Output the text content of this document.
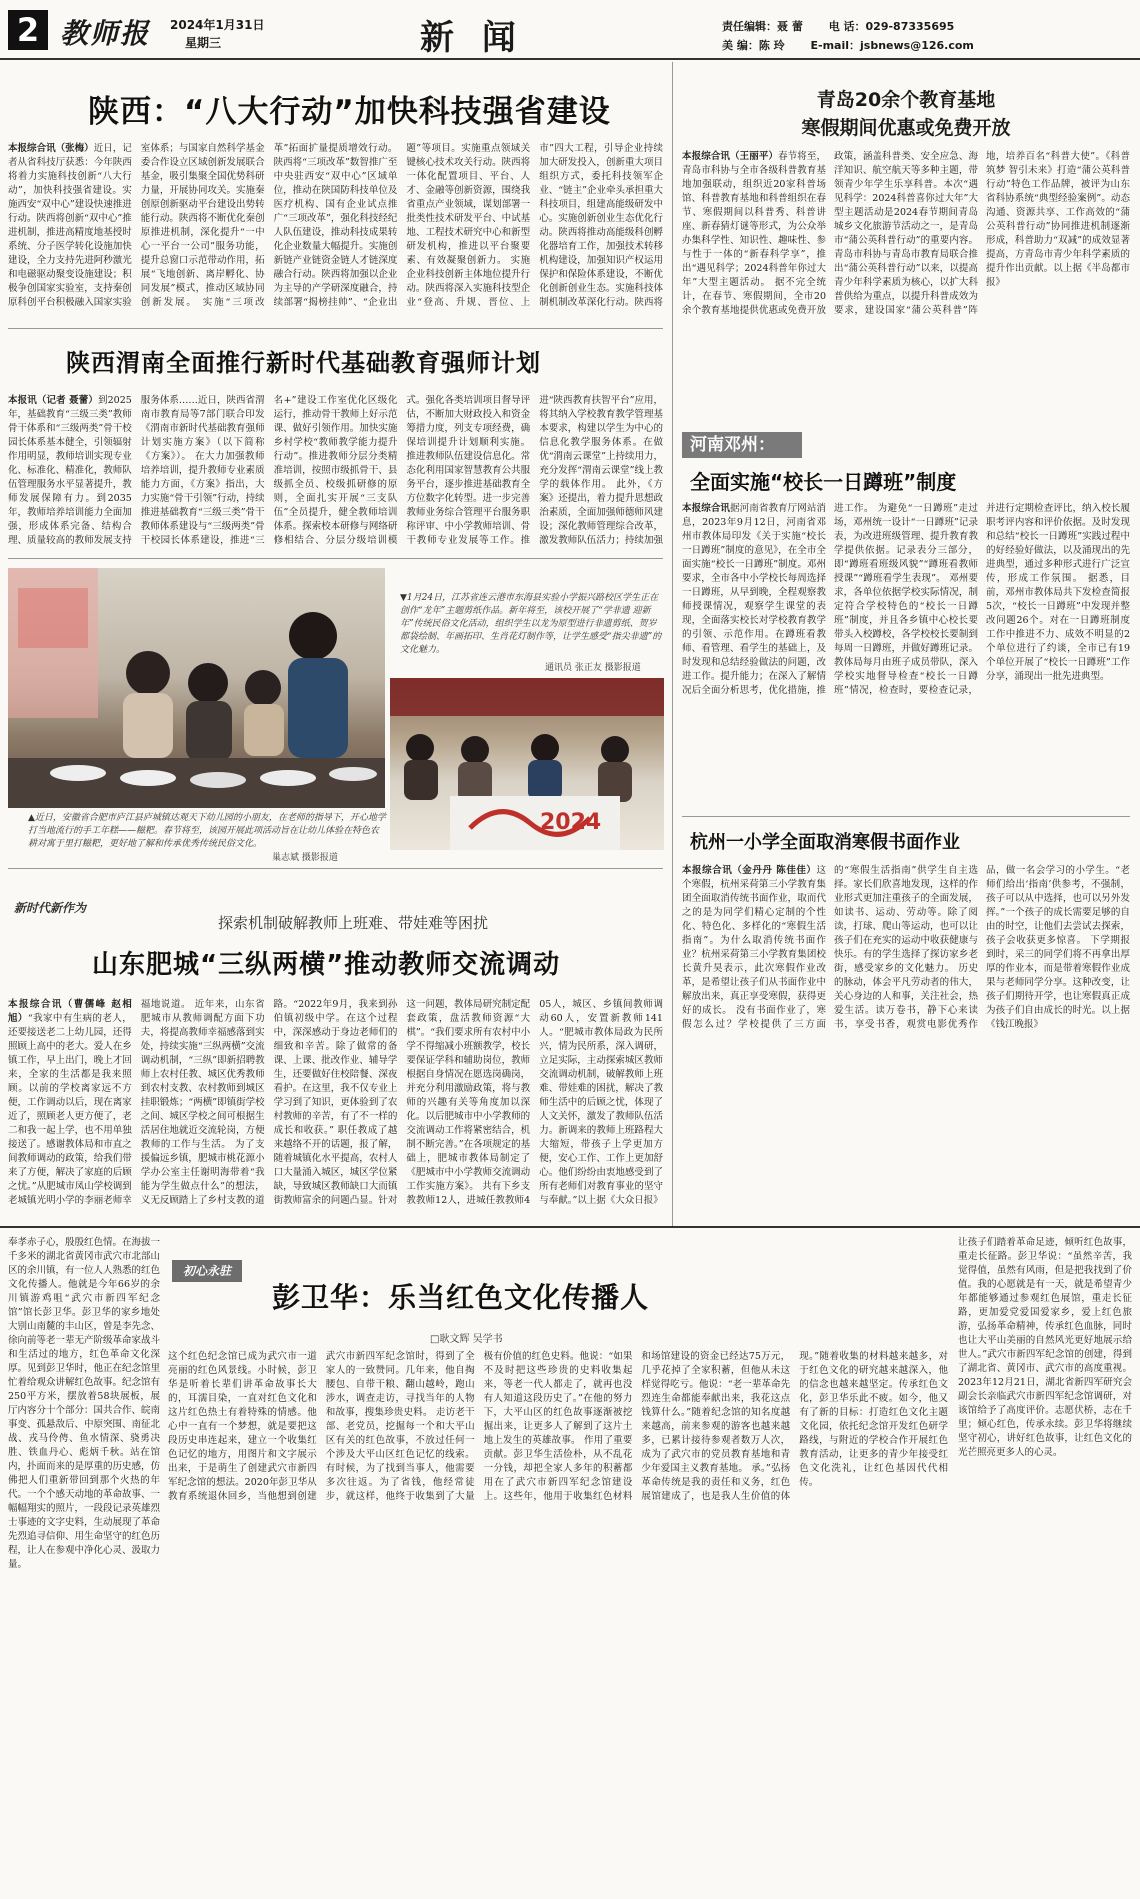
2 教师报 2024年1月31日
星期三	新 闻	责任编辑：聂 蕾 电 话：029-87335695
美 编：陈 玲 E-mail：jsbnews@126.com
陕西：“八大行动”加快科技强省建设
本报综合讯（张梅）近日，记者从省科技厅获悉：今年陕西将着力实施科技创新“八大行动”，加快科技强省建设。实施西安“双中心”建设快速推进行动。陕西将创新“双中心”推进机制，推进高精度地基授时系统、分子医学转化设施加快建设，全力支持先进阿秒激光和电磁驱动聚变设施建设；积极争创国家实验室，支持秦创原科创平台积极融入国家实验室体系；与国家自然科学基金委合作设立区域创新发展联合基金，吸引集聚全国优势科研力量，开展协同攻关。实施秦创原创新驱动平台建设出势转能行动。陕西将不断优化秦创原推进机制，深化提升“一中心一平台一公司”服务功能，提升总窗口示范带动作用，拓展“飞地创新、离岸孵化、协同发展”模式，推动区域协同创新发展。 实施“三项改革”拓面扩量提质增效行动。陕西将“三项改革”数智推广至中央驻西安“双中心”区域单位，推动在陕国防科技单位及医疗机构、国有企业试点推广“三项改革”，强化科技经纪人队伍建设，推动科技成果转化企业数量大幅提升。实施创新链产业链资金链人才链深度融合行动。陕西将加强以企业为主导的产学研深度融合，持续部署“揭榜挂帅”、“企业出题”等项目。实施重点领域关键核心技术攻关行动。陕西将一体化配置项目、平台、人才、金融等创新资源，围绕我省重点产业领域，谋划部署一批类性技术研发平台、中试基地、工程技术研究中心和新型研发机构，推进以平台聚要素、有效凝聚创新力。 实施企业科技创新主体地位提升行动。陕西将深入实施科技型企业“登高、升规、晋位、上市”四大工程，引导企业持续加大研发投入，创新重大项目组织方式，委托科技领军企业、“链主”企业牵头承担重大科技项目，组建高能级研发中心。实施创新创业生态优化行动。陕西将推动高能级科创孵化器培育工作，加强技术转移机构建设，加强知识产权运用保护和保险体系建设，不断优化创新创业生态。实施科技体制机制改革深化行动。陕西将
陕西渭南全面推行新时代基础教育强师计划
本报讯（记者 聂蕾）到2025年，基础教育“三级三类”教师骨干体系和“三级两类”骨干校园长体系基本健全，引领辐射作用明显，教师培训实现专业化、标准化、精准化，教师队伍管理服务水平显著提升，教师发展保障有力。到2035年，教师培养培训能力全面加强，形成体系完备、结构合理、质量较高的教师发展支持服务体系……近日，陕西省渭南市教育局等7部门联合印发《渭南市新时代基础教育强师计划实施方案》（以下简称《方案》）。 在大力加强教师培养培训，提升教师专业素质能力方面，《方案》指出，大力实施“骨干引领”行动，持续推进基础教育“三级三类”骨干教师体系建设与“三级两类”骨干校园长体系建设，推进“三名+”建设工作室优化区级化运行，推动骨干教师上好示范课、做好引领作用。加快实施乡村学校“教师教学能力提升行动”。推进教师分层分类精准培训，按照市级抓骨干、县级抓全员、校级抓研修的原则，全面扎实开展“三支队伍”全员提升，健全教师培训体系。探索校本研修与网络研修相结合、分层分级培训模式。强化各类培训项目督导评估，不断加大财政投入和资金筹措力度，列支专项经费，确保培训提升计划顺利实施。 推进教师队伍建设信息化。常态化利用国家智慧教育公共服务平台，逐步推进基础教育全方位数字化转型。进一步完善教师业务综合管理平台服务职称评审、中小学教师培训、骨干教师专业发展等工作。推进“陕西教育扶智平台”应用，将其纳入学校教育教学管理基本要求，构建以学生为中心的信息化教学服务体系。在做优“渭南云课堂”上持续用力，充分发挥“渭南云课堂”线上教学的载体作用。 此外，《方案》还提出，着力提升思想政治素质，全面加强师德师风建设；深化教师管理综合改革，激发教师队伍活力；持续加强
▲近日，安徽省合肥市庐江县庐城镇达观天下幼儿园的小朋友，在老师的指导下，开心地学打当地流行的手工年糕——糍粑。春节将至，该园开展此项活动旨在让幼儿体验在特色农耕对寓于里打糍粑，更好地了解和传承优秀传统民俗文化。
巢志斌 摄影报道
▼1月24日，江苏省连云港市东海县实验小学振兴路校区学生正在创作“龙年”主题剪纸作品。新年将至，该校开展了“学非遗 迎新年”传统民俗文化活动，组织学生以龙为原型进行非遗剪纸、贺岁都袋绘制、年画拓印、生肖花灯制作等，让学生感受“指尖非遗”的文化魅力。
通讯员 张正友 摄影报道
2024
新时代新作为
探索机制破解教师上班难、带娃难等困扰
山东肥城“三纵两横”推动教师交流调动
本报综合讯（曹儒峰 赵相旭）“我家中有生病的老人，还要接送老二上幼儿园，还得照顾上高中的老大。爱人在乡镇工作，早上出门，晚上才回来，全家的生活都是我来照顾。以前的学校离家远不方便，工作调动以后，现在离家近了，照顾老人更方便了，老二和我一起上学，也不用单独接送了。感谢教体局和市直之间教师调动的政策，给我们带来了方便，解决了家庭的后顾之忧。”从肥城市凤山学校调到老城镇光明小学的李丽老师幸福地说道。 近年来，山东省肥城市从教师调配方面下功夫，将提高教师幸福感落到实处，持续实施“三纵两横”交流调动机制，“三纵”即新招聘教师上农村任教、城区优秀教师到农村支教、农村教师到城区挂职锻炼；“两横”即镇街学校之间、城区学校之间可根据生活居住地就近交流轮岗，方便教师的工作与生活。 为了支援偏远乡镇，肥城市桃花源小学办公室主任谢明海带着“我能为学生做点什么”的想法，义无反顾踏上了乡村支教的道路。“2022年9月，我来到孙伯镇初级中学。在这个过程中，深深感动于身边老师们的细致和辛苦。除了做常的备课、上课、批改作业、辅导学生，还要做好住校陪餐、深夜看护。在这里，我不仅专业上学习到了知识，更体验到了农村教师的辛苦，有了不一样的成长和收获。” 职任教成了越来越络不开的话题，报了解，随着城镇化水平提高，农村人口大量涌入城区，城区学位紧缺，导致城区教师缺口大而镇街教师富余的问题凸显。针对这一问题，教体局研究制定配套政策，盘活教师资源“大棋”。“我们要求所有农村中小学不得缩减小班额教学，校长要保证学科和辅助岗位，教师根据自身情况在愿选岗确岗，并充分利用激励政策，将与教师的兴趣有关等角度加以深化。以后肥城市中小学教师的交流调动工作将紧密结合，机制不断完善。”在各项规定的基础上，肥城市教体局制定了《肥城市中小学教师交流调动工作实施方案》。 共有下乡支教教师12人，进城任教教师405人，城区、乡镇间教师调动60人，安置新教师141人。“肥城市教体局政为民所兴，情为民所系，深入调研，立足实际，主动探索城区教师交流调动机制，破解教师上班难、带娃难的困扰，解决了教师生活中的后顾之忧，体现了人文关怀，激发了教师队伍活力。新调来的教师上班路程大大缩短，带孩子上学更加方便，安心工作、工作上更加舒心。他们纷纷由衷地感受到了所有老师们对教育事业的坚守与奉献。”以上据《大众日报》
青岛20余个教育基地
寒假期间优惠或免费开放
本报综合讯（王丽平）春节将至，青岛市科协与全市各级科普教育基地加强联动，组织近20家科普场馆、科普教育基地和科普组织在春节、寒假期间以科普秀、科普讲座、新春猜灯谜等形式，为公众举办集科学性、知识性、趣味性、参与性于一体的“新春科学享”，推出“遇见科学；2024科普年你过大年”大型主题活动。 据不完全统计，在春节、寒假期间，全市20余个教育基地提供优惠或免费开放政策，涵盖科普类、安全应急、海洋知识、航空航天等多种主题，带领青少年学生乐享科普。本次“遇见科学：2024科普喜你过大年”大型主题活动是2024春节期间青岛城乡文化旅游节活动之一，是青岛市“蒲公英科普行动”的重要内容。 青岛市科协与青岛市教育局联合推出“蒲公英科普行动”以来，以提高青少年科学素质为核心，以扩大科普供给为重点，以提升科普成效为要求，建设国家“蒲公英科普”阵地，培养百名“科普大使”。《科普筑梦 智引未来》打造“蒲公英科普行动”特色工作品牌，被评为山东省科协系统“典型经验案例”。动态沟通、资源共享、工作高效的“蒲公英科普行动”协同推进机制逐渐形成，科普助力“双减”的成效显著提高，方青岛市青少年科学素质的提升作出贡献。以上据《半岛都市报》
河南邓州：
全面实施“校长一日蹲班”制度
本报综合讯据河南省教育厅网站消息，2023年9月12日，河南省邓州市教体局印发《关于实施“校长一日蹲班”制度的意见》，在全市全面实施“校长一日蹲班”制度。邓州要求，全市各中小学校长每周选择一日蹲班，从早到晚，全程观察教师授课情况，观察学生课堂的表现，全面落实校长对学校教育教学的引领、示范作用。在蹲班看教师、看管理、看学生的基础上，及时发现和总结经验做法的问题，改进工作。提升能力；在深入了解情况后全面分析思考，优化措施，推进工作。 为避免“一日蹲班”走过场，邓州统一设计“一日蹲班”记录表，为改进班级管理、提升教育教学提供依据。记录表分三部分，即“蹲班看班级风貌”“蹲班看教师授课”“蹲班看学生表现”。 邓州要求，各单位依据学校实际情况，制定符合学校特色的“校长一日蹲班”制度，并且各乡镇中心校长要带头入校蹲校，各学校校长要制到每周一日蹲班，并做好蹲班记录。教体局每月由班子成员带队，深入学校实地督导检查“校长一日蹲班”情况，检查时，要检查记录，并进行定期检查评比，纳入校长履职考评内容和评价依据。及时发现和总结“校长一日蹲班”实践过程中的好经验好做法，以及涌现出的先进典型，通过多种形式进行广泛宣传，形成工作氛围。 据悉，目前，邓州市教体局共下发检查简报5次，“校长一日蹲班”中发现并整改问题26个。对在一日蹲班制度工作中推进不力、成效不明显的2个单位进行了约谈，全市已有19个单位开展了“校长一日蹲班”工作分享，涌现出一批先进典型。
杭州一小学全面取消寒假书面作业
本报综合讯（金丹丹 陈佳佳）这个寒假，杭州采荷第三小学教育集团全面取消传统书面作业，取而代之的是为同学们精心定制的个性化、特色化、多样化的“寒假生活指南”。为什么取消传统书面作业？杭州采荷第三小学教育集团校长黄升昊表示，此次寒假作业改革，是希望让孩子们从书面作业中解放出来，真正享受寒假，获得更好的成长。 没有书面作业了，寒假怎么过？学校提供了三方面的“寒假生活指南”供学生自主选择。家长们欣喜地发现，这样的作业形式更加注重孩子的全面发展，如读书、运动、劳动等。除了阅读，打球、爬山等运动，也可以让孩子们在充实的运动中收获健康与快乐。有的学生选择了探访家乡老街，感受家乡的文化魅力。 历史的脉动，体会平凡劳动者的伟大，关心身边的人和事，关注社会，热爱生活。读万卷书，静下心来读书，享受书香，观赏电影优秀作品，做一名会学习的小学生。“老师们给出‘指南’供参考，不强制，孩子可以从中选择，也可以另外发挥。”一个孩子的成长需要足够的自由的时空，让他们去尝试去探索，孩子会收获更多惊喜。 下学期报到时，采三的同学们将不再拿出厚厚的作业本，而是带着寒假作业成果与老师同学分享。这种改变，让孩子们期待开学，也让寒假真正成为孩子们自由成长的时光。以上据《钱江晚报》
初心永驻
彭卫华：乐当红色文化传播人
□耿文辉 吴学书
奉孝赤子心，殷殷红色情。在海拔一千多米的湖北省黄冈市武穴市北部山区的余川镇，有一位人人熟悉的红色文化传播人。他就是今年66岁的余川镇游鸡咀“武穴市新四军纪念馆”馆长彭卫华。彭卫华的家乡地处大别山南麓的丰山区，曾是李先念、徐向前等老一辈无产阶级革命家战斗和生活过的地方，红色革命文化深厚。见到彭卫华时，他正在纪念馆里忙着给观众讲解红色故事。纪念馆有250平方米，摆放着58块展板，展厅内容分十个部分：国共合作、皖南事变、孤悬敌后、中原突围、南征北战、戎马伶俜、鱼水情深、骁勇决胜、铁血丹心、彪炳千秋。站在馆内，扑面而来的是厚重的历史感，仿佛把人们重新带回到那个火热的年代。一个个感天动地的革命故事、一幅幅翔实的照片，一段段记录英雄烈士事迹的文字史料，生动展现了革命先烈追寻信仰、用生命坚守的红色历程，让人在参观中净化心灵、汲取力量。
这个红色纪念馆已成为武穴市一道亮丽的红色风景线。小时候，彭卫华是听着长辈们讲革命故事长大的，耳濡目染，一直对红色文化和这片红色热土有着特殊的情感。他心中一直有一个梦想，就是要把这段历史串连起来，建立一个收集红色记忆的地方，用图片和文字展示出来，于是萌生了创建武穴市新四军纪念馆的想法。2020年彭卫华从教育系统退休回乡，当他想到创建武穴市新四军纪念馆时，得到了全家人的一致赞同。几年来，他自掏腰包、自带干粮、翻山越岭，跑山涉水，调查走访，寻找当年的人物和故事，搜集珍贵史料。 走访老干部、老党员，挖掘每一个和大平山区有关的红色故事，不放过任何一个涉及大平山区红色记忆的线索。有时候，为了找到当事人，他需要多次往返。为了省钱，他经常徒步，就这样，他终于收集到了大量极有价值的红色史料。他说：“如果不及时把这些珍贵的史料收集起来，等老一代人都走了，就再也没有人知道这段历史了。”在他的努力下，大平山区的红色故事逐渐被挖掘出来，让更多人了解到了这片土地上发生的英雄故事。 作用了重要贡献。彭卫华生活俭朴，从不乱花一分钱，却把全家人多年的积蓄都用在了武穴市新四军纪念馆建设上。这些年，他用于收集红色材料和场馆建设的资金已经达75万元，几乎花掉了全家积蓄，但他从未这样觉得吃亏。他说：“老一辈革命先烈连生命都能奉献出来，我花这点钱算什么。”随着纪念馆的知名度越来越高，前来参观的游客也越来越多，已累计接待参观者数万人次，成为了武穴市的党员教育基地和青少年爱国主义教育基地。 承。”弘扬革命传统是我的责任和义务，红色展馆建成了，也是我人生价值的体现。”随着收集的材料越来越多，对于红色文化的研究越来越深入，他的信念也越来越坚定。传承红色文化，彭卫华乐此不疲。如今，他又有了新的目标：打造红色文化主题文化园，依托纪念馆开发红色研学路线，与附近的学校合作开展红色教育活动，让更多的青少年接受红色文化洗礼，让红色基因代代相传。
让孩子们踏着革命足迹，倾听红色故事，重走长征路。彭卫华说：“虽然辛苦，我觉得值，虽然有风雨，但是把我找到了价值。我的心愿就是有一天，就是希望青少年都能够通过参观红色展馆，重走长征路，更加爱党爱国爱家乡，爱上红色旅游，弘扬革命精神，传承红色血脉，同时也让大平山美丽的自然风光更好地展示给世人。”武穴市新四军纪念馆的创建，得到了湖北省、黄冈市、武穴市的高度重视。2023年12月21日，湖北省新四军研究会副会长亲临武穴市新四军纪念馆调研，对该馆给予了高度评价。志愿伏桥，志在千里；倾心红色，传承永续。彭卫华将继续坚守初心，讲好红色故事，让红色文化的光芒照亮更多人的心灵。
